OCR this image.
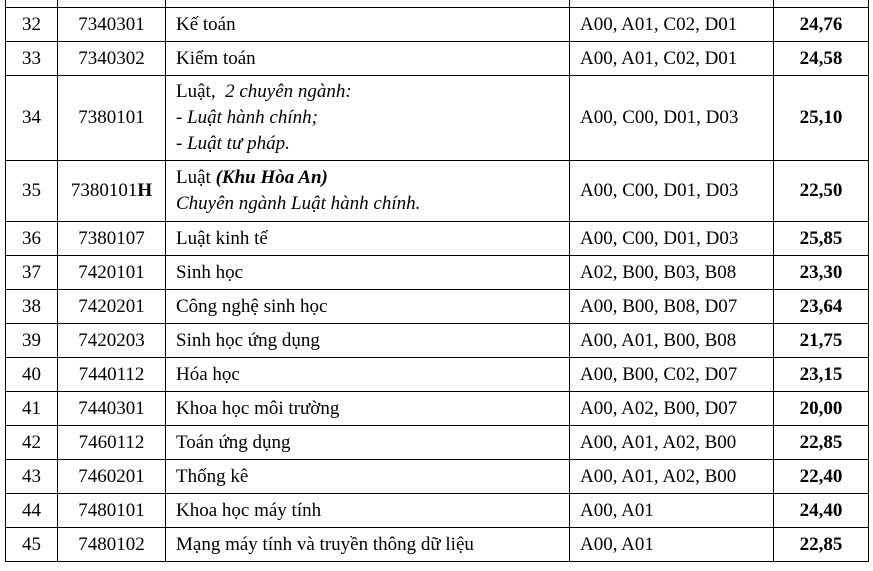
32	7340301	Kế toán	A00, A01, C02, D01	24,76
33	7340302	Kiểm toán	A00, A01, C02, D01	24,58
34	7380101	Luật, 2 chuyên ngành:
- Luật hành chính;
- Luật tư pháp.	A00, C00, D01, D03	25,10
35	7380101H	Luật (Khu Hòa An)
Chuyên ngành Luật hành chính.	A00, C00, D01, D03	22,50
36	7380107	Luật kinh tế	A00, C00, D01, D03	25,85
37	7420101	Sinh học	A02, B00, B03, B08	23,30
38	7420201	Công nghệ sinh học	A00, B00, B08, D07	23,64
39	7420203	Sinh học ứng dụng	A00, A01, B00, B08	21,75
40	7440112	Hóa học	A00, B00, C02, D07	23,15
41	7440301	Khoa học môi trường	A00, A02, B00, D07	20,00
42	7460112	Toán ứng dụng	A00, A01, A02, B00	22,85
43	7460201	Thống kê	A00, A01, A02, B00	22,40
44	7480101	Khoa học máy tính	A00, A01	24,40
45	7480102	Mạng máy tính và truyền thông dữ liệu	A00, A01	22,85
